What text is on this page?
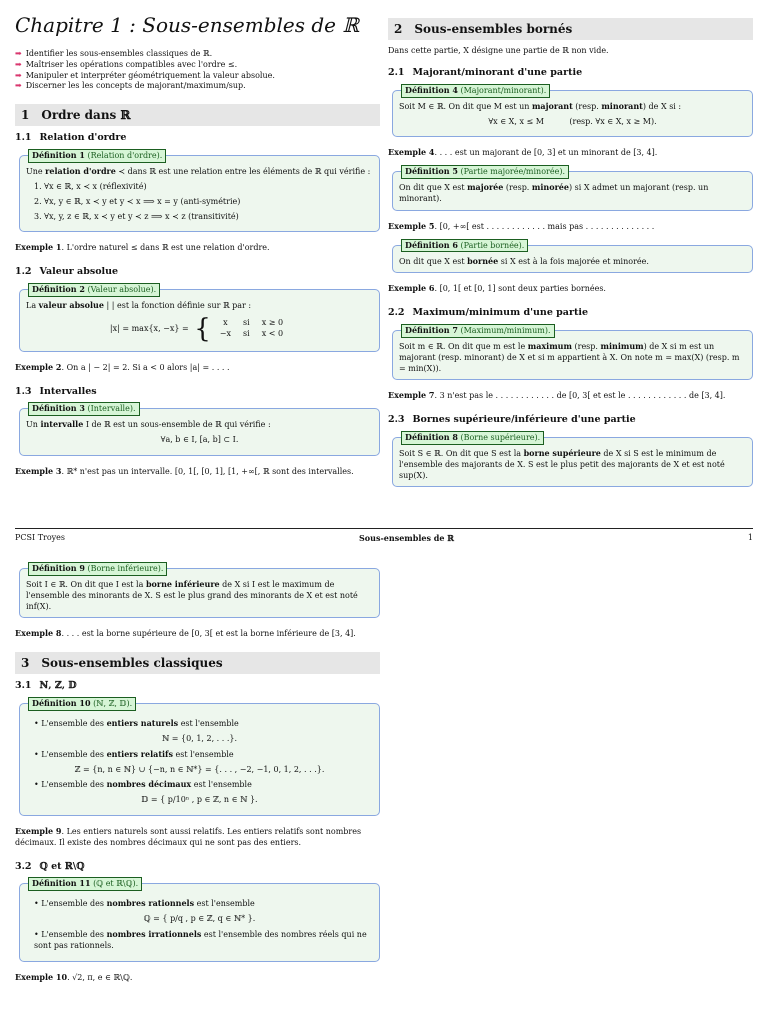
Chapitre 1 : Sous-ensembles de ℝ
➡ Identifier les sous-ensembles classiques de ℝ.
➡ Maîtriser les opérations compatibles avec l'ordre ≤.
➡ Manipuler et interpréter géométriquement la valeur absolue.
➡ Discerner les les concepts de majorant/maximum/sup.
1 Ordre dans ℝ
1.1 Relation d'ordre
Définition 1 (Relation d'ordre).
Une relation d'ordre ≺ dans ℝ est une relation entre les éléments de ℝ qui vérifie :
1. ∀x ∈ ℝ, x ≺ x (réflexivité)
2. ∀x, y ∈ ℝ, x ≺ y et y ≺ x ⟹ x = y (anti-symétrie)
3. ∀x, y, z ∈ ℝ, x ≺ y et y ≺ z ⟹ x ≺ z (transitivité)
Exemple 1. L'ordre naturel ≤ dans ℝ est une relation d'ordre.
1.2 Valeur absolue
Définition 2 (Valeur absolue).
La valeur absolue | | est la fonction définie sur ℝ par :
|x| = max{x, −x} = { x	si	x ≥ 0
−x	si	x < 0
Exemple 2. On a | − 2| = 2. Si a < 0 alors |a| = . . . .
1.3 Intervalles
Définition 3 (Intervalle).
Un intervalle I de ℝ est un sous-ensemble de ℝ qui vérifie :
∀a, b ∈ I, [a, b] ⊂ I.
Exemple 3. ℝ* n'est pas un intervalle. [0, 1[, [0, 1], [1, +∞[, ℝ sont des intervalles.
2 Sous-ensembles bornés
Dans cette partie, X désigne une partie de ℝ non vide.
2.1 Majorant/minorant d'une partie
Définition 4 (Majorant/minorant).
Soit M ∈ ℝ. On dit que M est un majorant (resp. minorant) de X si :
∀x ∈ X, x ≤ M          (resp. ∀x ∈ X, x ≥ M).
Exemple 4. . . . est un majorant de [0, 3] et un minorant de [3, 4].
Définition 5 (Partie majorée/minorée).
On dit que X est majorée (resp. minorée) si X admet un majorant (resp. un minorant).
Exemple 5. [0, +∞[ est . . . . . . . . . . . . mais pas . . . . . . . . . . . . . .
Définition 6 (Partie bornée).
On dit que X est bornée si X est à la fois majorée et minorée.
Exemple 6. [0, 1[ et [0, 1] sont deux parties bornées.
2.2 Maximum/minimum d'une partie
Définition 7 (Maximum/minimum).
Soit m ∈ ℝ. On dit que m est le maximum (resp. minimum) de X si m est un majorant (resp. minorant) de X et si m appartient à X. On note m = max(X) (resp. m = min(X)).
Exemple 7. 3 n'est pas le . . . . . . . . . . . . de [0, 3[ et est le . . . . . . . . . . . . de [3, 4].
2.3 Bornes supérieure/inférieure d'une partie
Définition 8 (Borne supérieure).
Soit S ∈ ℝ. On dit que S est la borne supérieure de X si S est le minimum de l'ensemble des majorants de X. S est le plus petit des majorants de X et est noté sup(X).
PCSI Troyes	Sous-ensembles de ℝ	1
Définition 9 (Borne inférieure).
Soit I ∈ ℝ. On dit que I est la borne inférieure de X si I est le maximum de l'ensemble des minorants de X. S est le plus grand des minorants de X et est noté inf(X).
Exemple 8. . . . est la borne supérieure de [0, 3[ et est la borne inférieure de [3, 4].
3 Sous-ensembles classiques
3.1 ℕ, ℤ, 𝔻
Définition 10 (ℕ, ℤ, 𝔻).
• L'ensemble des entiers naturels est l'ensemble
ℕ = {0, 1, 2, . . .}.
• L'ensemble des entiers relatifs est l'ensemble
ℤ = {n, n ∈ ℕ} ∪ {−n, n ∈ ℕ*} = {. . . , −2, −1, 0, 1, 2, . . .}.
• L'ensemble des nombres décimaux est l'ensemble
𝔻 = { p/10ⁿ , p ∈ ℤ, n ∈ ℕ }.
Exemple 9. Les entiers naturels sont aussi relatifs. Les entiers relatifs sont nombres décimaux. Il existe des nombres décimaux qui ne sont pas des entiers.
3.2 ℚ et ℝ\ℚ
Définition 11 (ℚ et ℝ\ℚ).
• L'ensemble des nombres rationnels est l'ensemble
ℚ = { p/q , p ∈ ℤ, q ∈ ℕ* }.
• L'ensemble des nombres irrationnels est l'ensemble des nombres réels qui ne sont pas rationnels.
Exemple 10. √2, π, e ∈ ℝ\ℚ.
